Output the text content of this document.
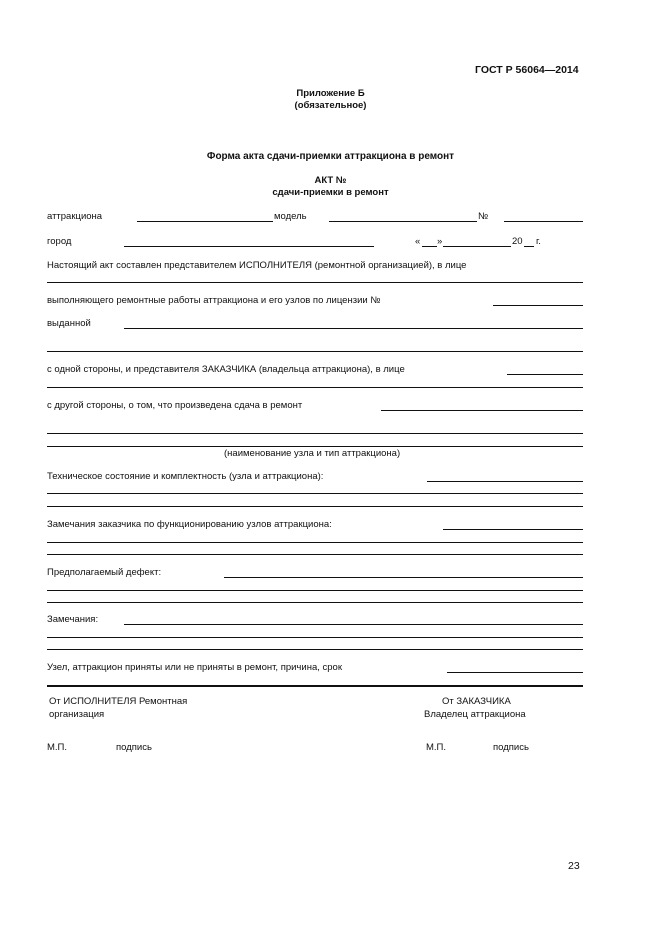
ГОСТ Р 56064—2014
Приложение Б
(обязательное)
Форма акта сдачи-приемки аттракциона в ремонт
АКТ №
сдачи-приемки в ремонт
аттракциона	модель	№
город	« »	20 г.
Настоящий акт составлен представителем ИСПОЛНИТЕЛЯ (ремонтной организацией), в лице
выполняющего ремонтные работы аттракциона и его узлов по лицензии №
выданной
с одной стороны, и представителя ЗАКАЗЧИКА (владельца аттракциона), в лице
с другой стороны, о том, что произведена сдача в ремонт
(наименование узла и тип аттракциона)
Техническое состояние и комплектность (узла и аттракциона):
Замечания заказчика по функционированию узлов аттракциона:
Предполагаемый дефект:
Замечания:
Узел, аттракцион приняты или не приняты в ремонт, причина, срок
От ИСПОЛНИТЕЛЯ Ремонтная
организация
От ЗАКАЗЧИКА
Владелец аттракциона
М.П.	подпись	М.П.	подпись
23
